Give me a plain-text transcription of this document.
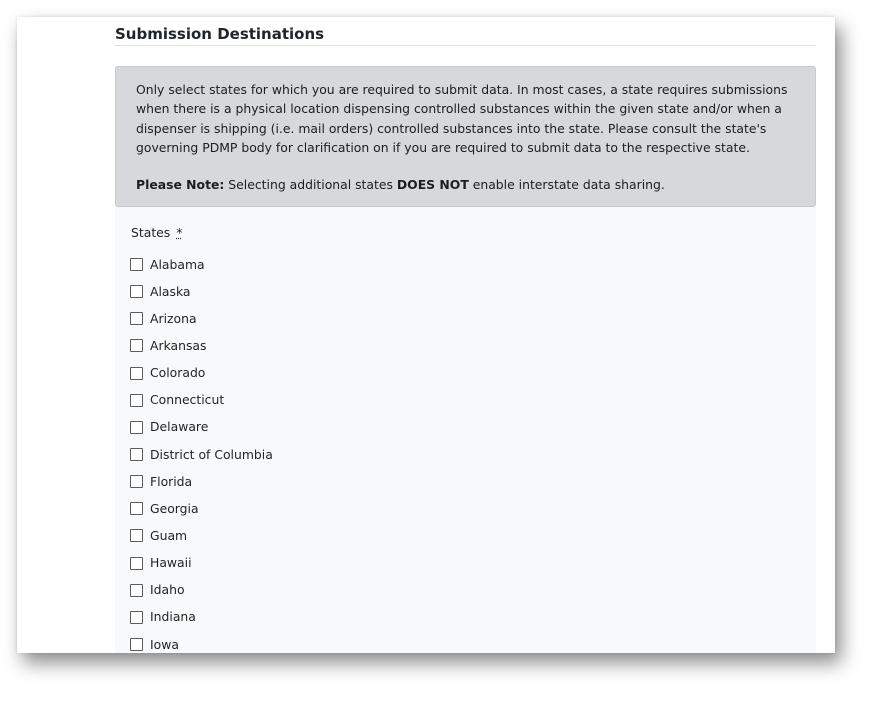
Submission Destinations

Only select states for which you are required to submit data. In most cases, a state requires submissions when there is a physical location dispensing controlled substances within the given state and/or when a dispenser is shipping (i.e. mail orders) controlled substances into the state. Please consult the state's governing PDMP body for clarification on if you are required to submit data to the respective state.

Please Note: Selecting additional states DOES NOT enable interstate data sharing.

States *
Alabama
Alaska
Arizona
Arkansas
Colorado
Connecticut
Delaware
District of Columbia
Florida
Georgia
Guam
Hawaii
Idaho
Indiana
Iowa
